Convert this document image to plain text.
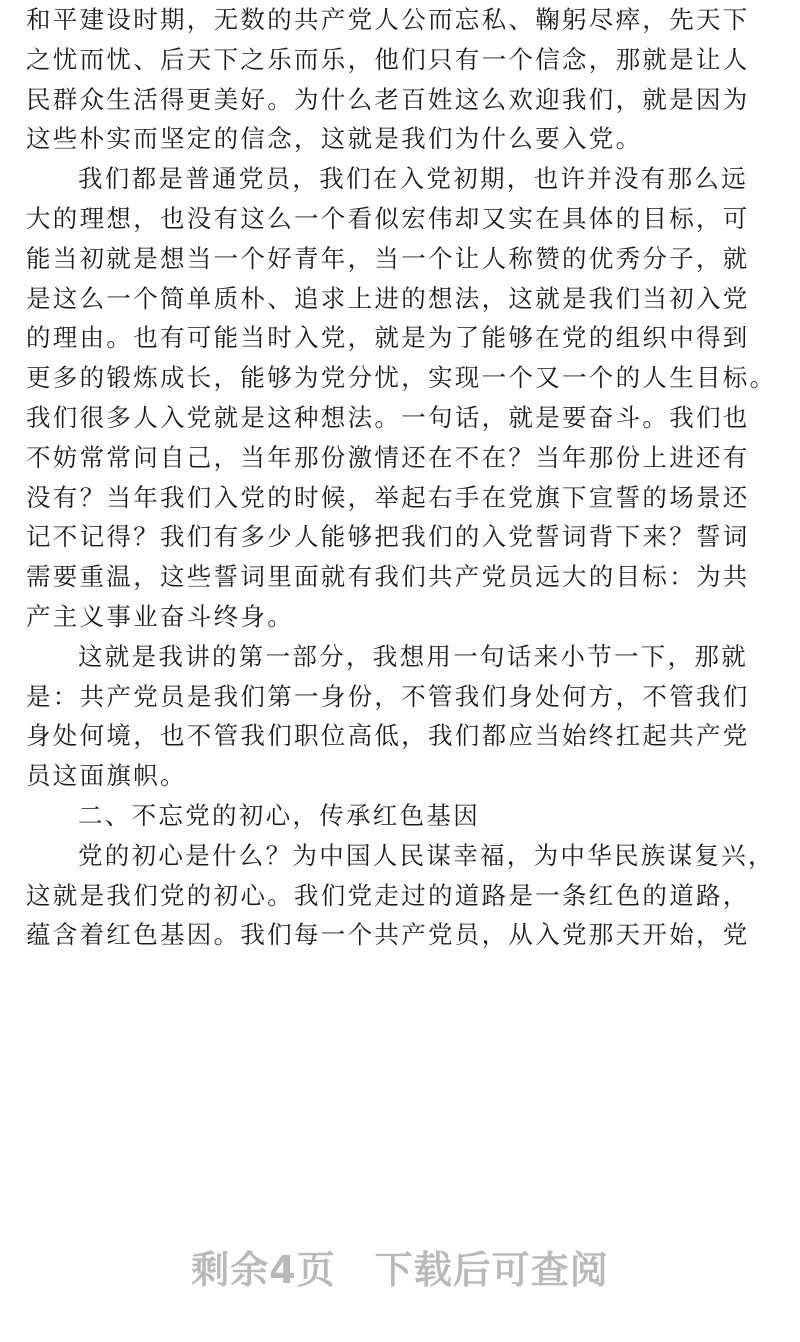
和平建设时期，无数的共产党人公而忘私、鞠躬尽瘁，先天下
之忧而忧、后天下之乐而乐，他们只有一个信念，那就是让人
民群众生活得更美好。为什么老百姓这么欢迎我们，就是因为
这些朴实而坚定的信念，这就是我们为什么要入党。
我们都是普通党员，我们在入党初期，也许并没有那么远
大的理想，也没有这么一个看似宏伟却又实在具体的目标，可
能当初就是想当一个好青年，当一个让人称赞的优秀分子，就
是这么一个简单质朴、追求上进的想法，这就是我们当初入党
的理由。也有可能当时入党，就是为了能够在党的组织中得到
更多的锻炼成长，能够为党分忧，实现一个又一个的人生目标。
我们很多人入党就是这种想法。一句话，就是要奋斗。我们也
不妨常常问自己，当年那份激情还在不在？当年那份上进还有
没有？当年我们入党的时候，举起右手在党旗下宣誓的场景还
记不记得？我们有多少人能够把我们的入党誓词背下来？誓词
需要重温，这些誓词里面就有我们共产党员远大的目标：为共
产主义事业奋斗终身。
这就是我讲的第一部分，我想用一句话来小节一下，那就
是：共产党员是我们第一身份，不管我们身处何方，不管我们
身处何境，也不管我们职位高低，我们都应当始终扛起共产党
员这面旗帜。
二、不忘党的初心，传承红色基因
党的初心是什么？为中国人民谋幸福，为中华民族谋复兴，
这就是我们党的初心。我们党走过的道路是一条红色的道路，
蕴含着红色基因。我们每一个共产党员，从入党那天开始，党
剩余4页　下载后可查阅
